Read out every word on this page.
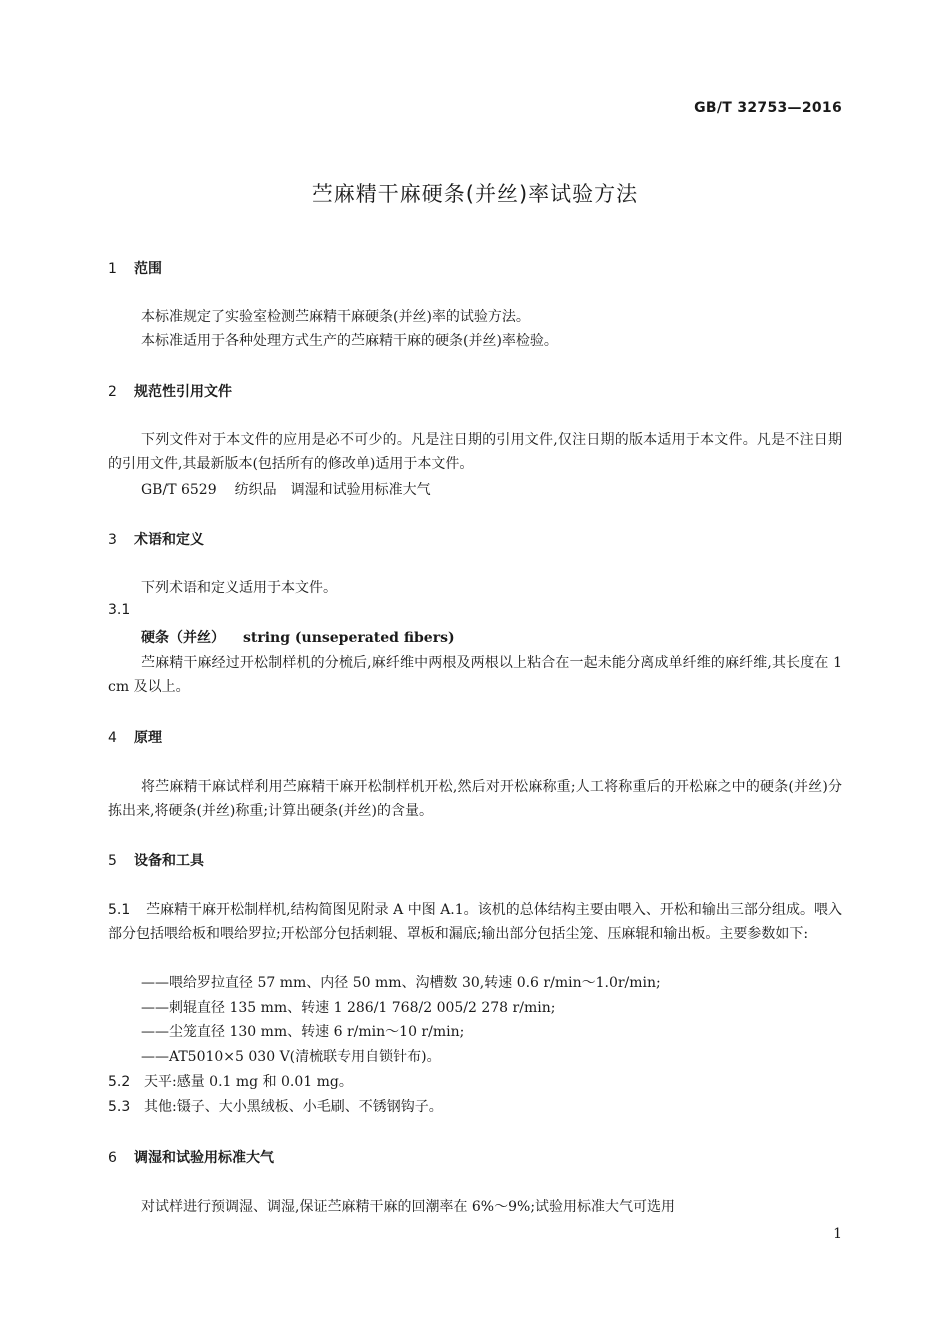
GB/T 32753—2016
苎麻精干麻硬条(并丝)率试验方法
1 范围
本标准规定了实验室检测苎麻精干麻硬条(并丝)率的试验方法。
本标准适用于各种处理方式生产的苎麻精干麻的硬条(并丝)率检验。
2 规范性引用文件
下列文件对于本文件的应用是必不可少的。凡是注日期的引用文件,仅注日期的版本适用于本文件。凡是不注日期的引用文件,其最新版本(包括所有的修改单)适用于本文件。
GB/T 6529 纺织品　调湿和试验用标准大气
3 术语和定义
下列术语和定义适用于本文件。
3.1
硬条（并丝） string (unseperated fibers)
苎麻精干麻经过开松制样机的分梳后,麻纤维中两根及两根以上粘合在一起未能分离成单纤维的麻纤维,其长度在 1 cm 及以上。
4 原理
将苎麻精干麻试样利用苎麻精干麻开松制样机开松,然后对开松麻称重;人工将称重后的开松麻之中的硬条(并丝)分拣出来,将硬条(并丝)称重;计算出硬条(并丝)的含量。
5 设备和工具
5.1 苎麻精干麻开松制样机,结构简图见附录 A 中图 A.1。该机的总体结构主要由喂入、开松和输出三部分组成。喂入部分包括喂给板和喂给罗拉;开松部分包括刺辊、罩板和漏底;输出部分包括尘笼、压麻辊和输出板。主要参数如下:
——喂给罗拉直径 57 mm、内径 50 mm、沟槽数 30,转速 0.6 r/min～1.0r/min;
——刺辊直径 135 mm、转速 1 286/1 768/2 005/2 278 r/min;
——尘笼直径 130 mm、转速 6 r/min～10 r/min;
——AT5010×5 030 V(清梳联专用自锁针布)。
5.2 天平:感量 0.1 mg 和 0.01 mg。
5.3 其他:镊子、大小黑绒板、小毛刷、不锈钢钩子。
6 调湿和试验用标准大气
对试样进行预调湿、调湿,保证苎麻精干麻的回潮率在 6%～9%;试验用标准大气可选用
1
